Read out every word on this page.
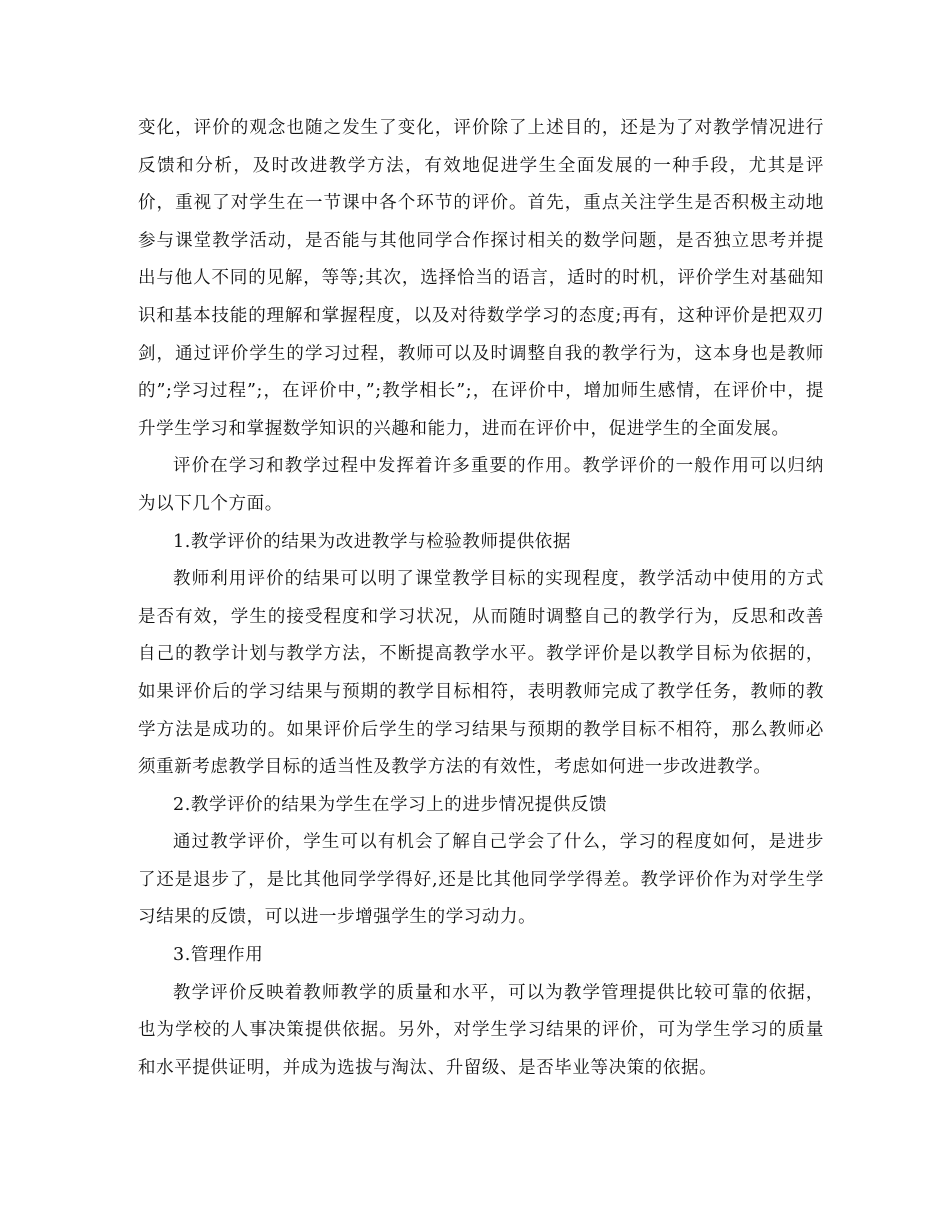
变化，评价的观念也随之发生了变化，评价除了上述目的，还是为了对教学情况进行反馈和分析，及时改进教学方法，有效地促进学生全面发展的一种手段，尤其是评价，重视了对学生在一节课中各个环节的评价。首先，重点关注学生是否积极主动地参与课堂教学活动，是否能与其他同学合作探讨相关的数学问题，是否独立思考并提出与他人不同的见解，等等;其次，选择恰当的语言，适时的时机，评价学生对基础知识和基本技能的理解和掌握程度，以及对待数学学习的态度;再有，这种评价是把双刃剑，通过评价学生的学习过程，教师可以及时调整自我的教学行为，这本身也是教师的”;学习过程”;，在评价中，”;教学相长”;，在评价中，增加师生感情，在评价中，提升学生学习和掌握数学知识的兴趣和能力，进而在评价中，促进学生的全面发展。

评价在学习和教学过程中发挥着许多重要的作用。教学评价的一般作用可以归纳为以下几个方面。

1.教学评价的结果为改进教学与检验教师提供依据

教师利用评价的结果可以明了课堂教学目标的实现程度，教学活动中使用的方式是否有效，学生的接受程度和学习状况，从而随时调整自己的教学行为，反思和改善自己的教学计划与教学方法，不断提高教学水平。教学评价是以教学目标为依据的，如果评价后的学习结果与预期的教学目标相符，表明教师完成了教学任务，教师的教学方法是成功的。如果评价后学生的学习结果与预期的教学目标不相符，那么教师必须重新考虑教学目标的适当性及教学方法的有效性，考虑如何进一步改进教学。

2.教学评价的结果为学生在学习上的进步情况提供反馈

通过教学评价，学生可以有机会了解自己学会了什么，学习的程度如何，是进步了还是退步了，是比其他同学学得好,还是比其他同学学得差。教学评价作为对学生学习结果的反馈，可以进一步增强学生的学习动力。

3.管理作用

教学评价反映着教师教学的质量和水平，可以为教学管理提供比较可靠的依据，也为学校的人事决策提供依据。另外，对学生学习结果的评价，可为学生学习的质量和水平提供证明，并成为选拔与淘汰、升留级、是否毕业等决策的依据。
